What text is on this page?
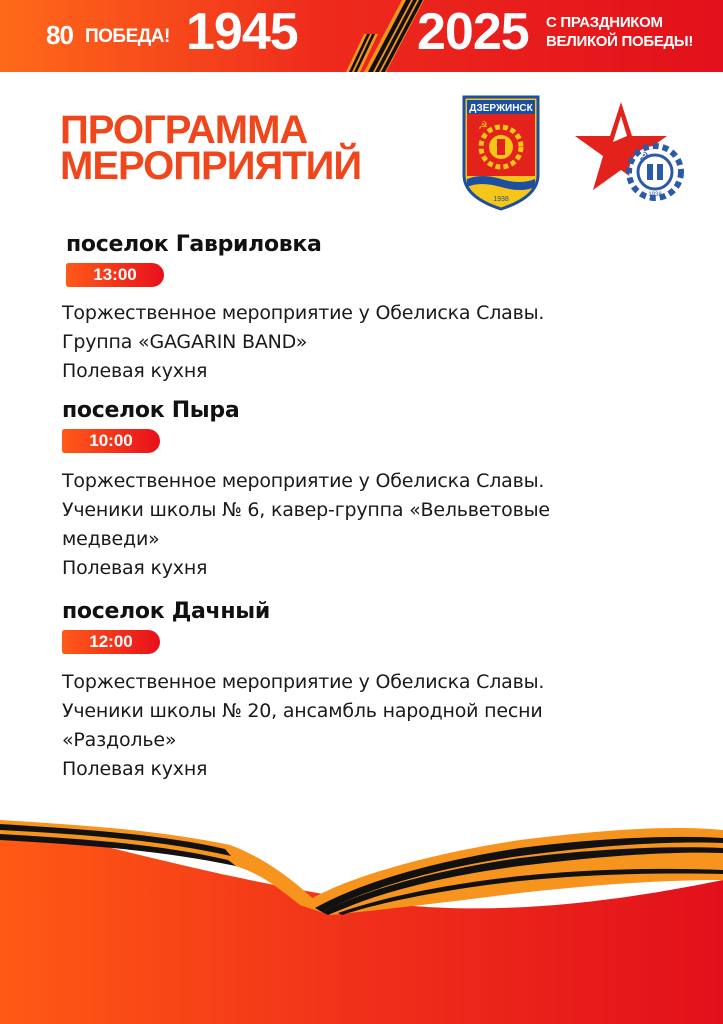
80 ПОБЕДА! 1945 2025 С ПРАЗДНИКОМ
ВЕЛИКОЙ ПОБЕДЫ!
ПРОГРАММА
МЕРОПРИЯТИЙ
ДЗЕРЖИНСК
☭
1938
☭
1938
поселок Гавриловка
13:00
Торжественное мероприятие у Обелиска Славы.
Группа «GAGARIN BAND»
Полевая кухня
поселок Пыра
10:00
Торжественное мероприятие у Обелиска Славы.
Ученики школы № 6, кавер-группа «Вельветовые
медведи»
Полевая кухня
поселок Дачный
12:00
Торжественное мероприятие у Обелиска Славы.
Ученики школы № 20, ансамбль народной песни
«Раздолье»
Полевая кухня
